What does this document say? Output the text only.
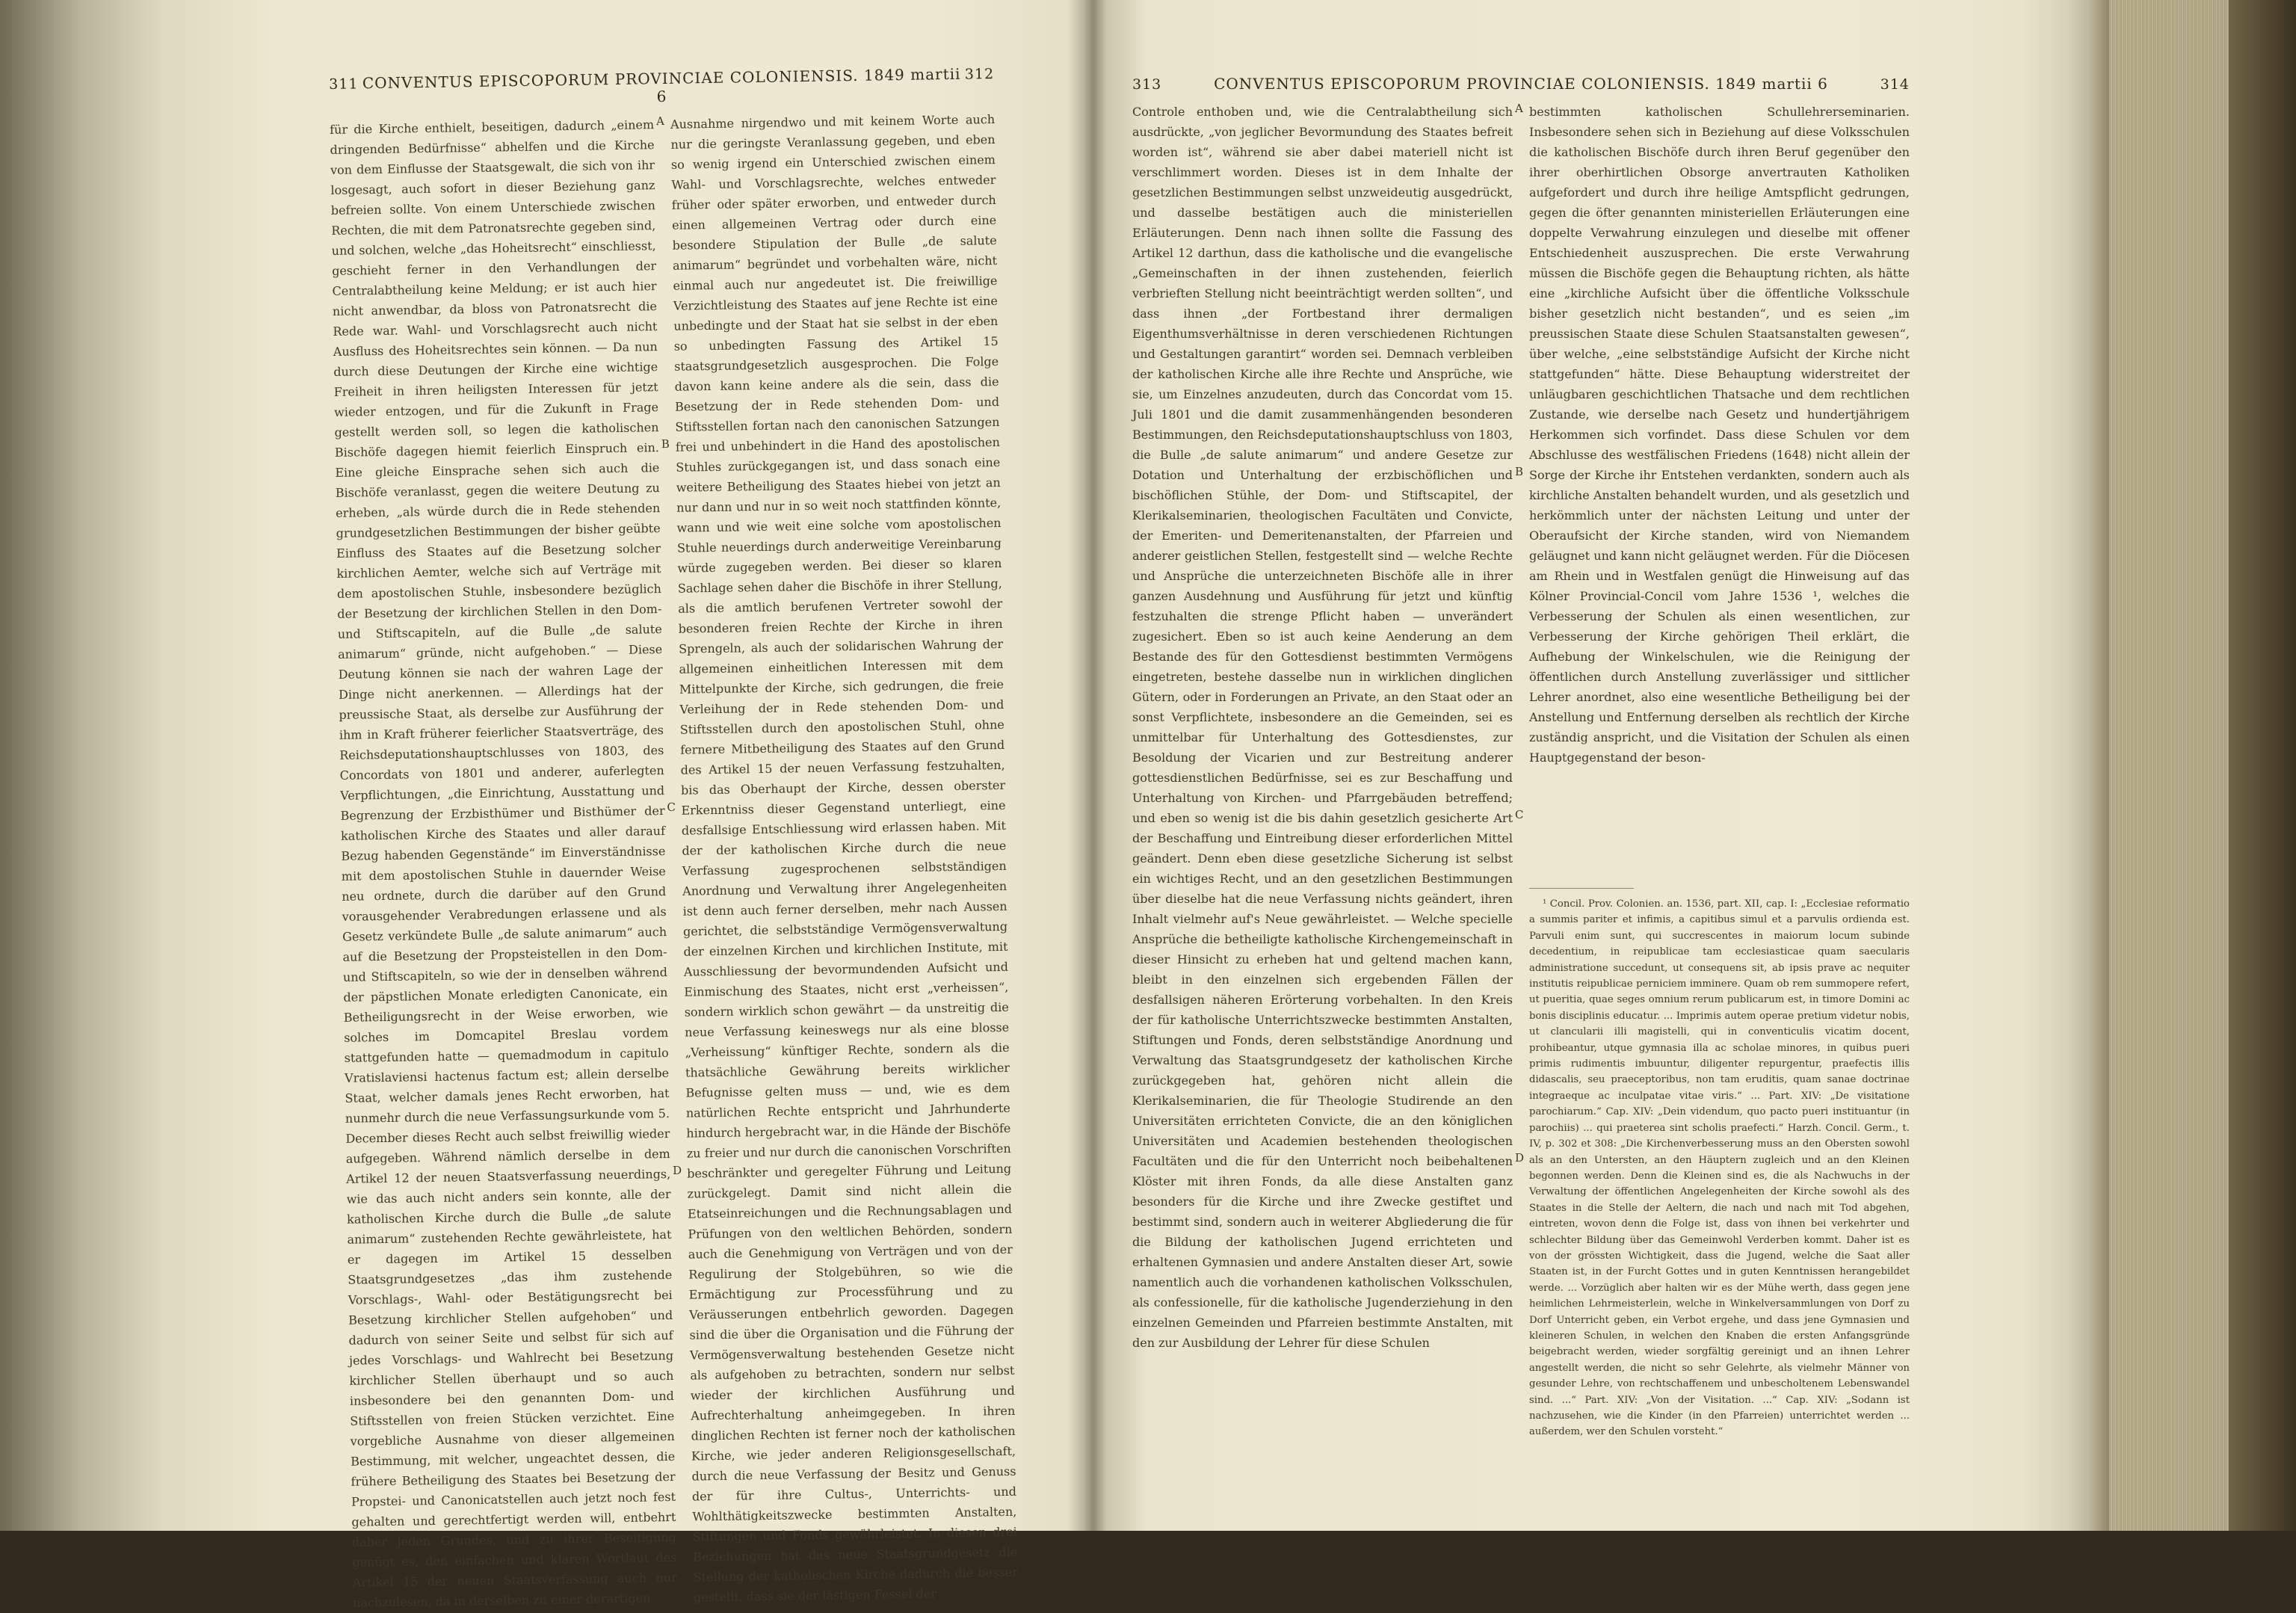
311 CONVENTUS EPISCOPORUM PROVINCIAE COLONIENSIS. 1849 martii 6
312

für die Kirche enthielt, beseitigen, dadurch „einem dringenden Bedürfnisse“ abhelfen und die Kirche von dem Einflusse der Staatsgewalt, die sich von ihr losgesagt, auch sofort in dieser Beziehung ganz befreien sollte. Von einem Unterschiede zwischen Rechten, die mit dem Patronatsrechte gegeben sind, und solchen, welche „das Hoheitsrecht“ einschliesst, geschieht ferner in den Verhandlungen der Centralabtheilung keine Meldung; er ist auch hier nicht anwendbar, da bloss von Patronatsrecht die Rede war. Wahl- und Vorschlagsrecht auch nicht Ausfluss des Hoheitsrechtes sein können. — Da nun durch diese Deutungen der Kirche eine wichtige Freiheit in ihren heiligsten Interessen für jetzt wieder entzogen, und für die Zukunft in Frage gestellt werden soll, so legen die katholischen Bischöfe dagegen hiemit feierlich Einspruch ein. Eine gleiche Einsprache sehen sich auch die Bischöfe veranlasst, gegen die weitere Deutung zu erheben, „als würde durch die in Rede stehenden grundgesetzlichen Bestimmungen der bisher geübte Einfluss des Staates auf die Besetzung solcher kirchlichen Aemter, welche sich auf Verträge mit dem apostolischen Stuhle, insbesondere bezüglich der Besetzung der kirchlichen Stellen in den Dom- und Stiftscapiteln, auf die Bulle „de salute animarum“ gründe, nicht aufgehoben.“ — Diese Deutung können sie nach der wahren Lage der Dinge nicht anerkennen. — Allerdings hat der preussische Staat, als derselbe zur Ausführung der ihm in Kraft früherer feierlicher Staatsverträge, des Reichsdeputationshauptschlusses von 1803, des Concordats von 1801 und anderer, auferlegten Verpflichtungen, „die Einrichtung, Ausstattung und Begrenzung der Erzbisthümer und Bisthümer der katholischen Kirche des Staates und aller darauf Bezug habenden Gegenstände“ im Einverständnisse mit dem apostolischen Stuhle in dauernder Weise neu ordnete, durch die darüber auf den Grund vorausgehender Verabredungen erlassene und als Gesetz verkündete Bulle „de salute animarum“ auch auf die Besetzung der Propsteistellen in den Dom- und Stiftscapiteln, so wie der in denselben während der päpstlichen Monate erledigten Canonicate, ein Betheiligungsrecht in der Weise erworben, wie solches im Domcapitel Breslau vordem stattgefunden hatte — quemadmodum in capitulo Vratislaviensi hactenus factum est; allein derselbe Staat, welcher damals jenes Recht erworben, hat nunmehr durch die neue Verfassungsurkunde vom 5. December dieses Recht auch selbst freiwillig wieder aufgegeben. Während nämlich derselbe in dem Artikel 12 der neuen Staatsverfassung neuerdings, wie das auch nicht anders sein konnte, alle der katholischen Kirche durch die Bulle „de salute animarum“ zustehenden Rechte gewährleistete, hat er dagegen im Artikel 15 desselben Staatsgrundgesetzes „das ihm zustehende Vorschlags-, Wahl- oder Bestätigungsrecht bei Besetzung kirchlicher Stellen aufgehoben“ und dadurch von seiner Seite und selbst für sich auf jedes Vorschlags- und Wahlrecht bei Besetzung kirchlicher Stellen überhaupt und so auch insbesondere bei den genannten Dom- und Stiftsstellen von freien Stücken verzichtet. Eine vorgebliche Ausnahme von dieser allgemeinen Bestimmung, mit welcher, ungeachtet dessen, die frühere Betheiligung des Staates bei Besetzung der Propstei- und Canonicatstellen auch jetzt noch fest gehalten und gerechtfertigt werden will, entbehrt daher jeden Grundes, und zu ihrer Beseitigung genügt es, den einfachen und klaren Wortlaut des Artikel 15 der neuen Staatsverfassung auch nur nachzulesen, da in derselben zu einer derartigen

A
B
C
D

Ausnahme nirgendwo und mit keinem Worte auch nur die geringste Veranlassung gegeben, und eben so wenig irgend ein Unterschied zwischen einem Wahl- und Vorschlagsrechte, welches entweder früher oder später erworben, und entweder durch einen allgemeinen Vertrag oder durch eine besondere Stipulation der Bulle „de salute animarum“ begründet und vorbehalten wäre, nicht einmal auch nur angedeutet ist. Die freiwillige Verzichtleistung des Staates auf jene Rechte ist eine unbedingte und der Staat hat sie selbst in der eben so unbedingten Fassung des Artikel 15 staatsgrundgesetzlich ausgesprochen. Die Folge davon kann keine andere als die sein, dass die Besetzung der in Rede stehenden Dom- und Stiftsstellen fortan nach den canonischen Satzungen frei und unbehindert in die Hand des apostolischen Stuhles zurückgegangen ist, und dass sonach eine weitere Betheiligung des Staates hiebei von jetzt an nur dann und nur in so weit noch stattfinden könnte, wann und wie weit eine solche vom apostolischen Stuhle neuerdings durch anderweitige Vereinbarung würde zugegeben werden. Bei dieser so klaren Sachlage sehen daher die Bischöfe in ihrer Stellung, als die amtlich berufenen Vertreter sowohl der besonderen freien Rechte der Kirche in ihren Sprengeln, als auch der solidarischen Wahrung der allgemeinen einheitlichen Interessen mit dem Mittelpunkte der Kirche, sich gedrungen, die freie Verleihung der in Rede stehenden Dom- und Stiftsstellen durch den apostolischen Stuhl, ohne fernere Mitbetheiligung des Staates auf den Grund des Artikel 15 der neuen Verfassung festzuhalten, bis das Oberhaupt der Kirche, dessen oberster Erkenntniss dieser Gegenstand unterliegt, eine desfallsige Entschliessung wird erlassen haben. Mit der der katholischen Kirche durch die neue Verfassung zugesprochenen selbstständigen Anordnung und Verwaltung ihrer Angelegenheiten ist denn auch ferner derselben, mehr nach Aussen gerichtet, die selbstständige Vermögensverwaltung der einzelnen Kirchen und kirchlichen Institute, mit Ausschliessung der bevormundenden Aufsicht und Einmischung des Staates, nicht erst „verheissen“, sondern wirklich schon gewährt — da unstreitig die neue Verfassung keineswegs nur als eine blosse „Verheissung“ künftiger Rechte, sondern als die thatsächliche Gewährung bereits wirklicher Befugnisse gelten muss — und, wie es dem natürlichen Rechte entspricht und Jahrhunderte hindurch hergebracht war, in die Hände der Bischöfe zu freier und nur durch die canonischen Vorschriften beschränkter und geregelter Führung und Leitung zurückgelegt. Damit sind nicht allein die Etatseinreichungen und die Rechnungsablagen und Prüfungen von den weltlichen Behörden, sondern auch die Genehmigung von Verträgen und von der Regulirung der Stolgebühren, so wie die Ermächtigung zur Processführung und zu Veräusserungen entbehrlich geworden. Dagegen sind die über die Organisation und die Führung der Vermögensverwaltung bestehenden Gesetze nicht als aufgehoben zu betrachten, sondern nur selbst wieder der kirchlichen Ausführung und Aufrechterhaltung anheimgegeben. In ihren dinglichen Rechten ist ferner noch der katholischen Kirche, wie jeder anderen Religionsgesellschaft, durch die neue Verfassung der Besitz und Genuss der für ihre Cultus-, Unterrichts- und Wohlthätigkeitszwecke bestimmten Anstalten, Stiftungen und Fonds gewährleistet. In diesen drei Beziehungen hat das neue Staatsgrundgesetz die Stellung der katholischen Kirche dadurch die besser gestellt, dass sie der lästigen Fessel der

313	CONVENTUS EPISCOPORUM PROVINCIAE COLONIENSIS. 1849 martii 6	314

Controle enthoben und, wie die Centralabtheilung sich ausdrückte, „von jeglicher Bevormundung des Staates befreit worden ist“, während sie aber dabei materiell nicht ist verschlimmert worden. Dieses ist in dem Inhalte der gesetzlichen Bestimmungen selbst unzweideutig ausgedrückt, und dasselbe bestätigen auch die ministeriellen Erläuterungen. Denn nach ihnen sollte die Fassung des Artikel 12 darthun, dass die katholische und die evangelische „Gemeinschaften in der ihnen zustehenden, feierlich verbrieften Stellung nicht beeinträchtigt werden sollten“, und dass ihnen „der Fortbestand ihrer dermaligen Eigenthumsverhältnisse in deren verschiedenen Richtungen und Gestaltungen garantirt“ worden sei. Demnach verbleiben der katholischen Kirche alle ihre Rechte und Ansprüche, wie sie, um Einzelnes anzudeuten, durch das Concordat vom 15. Juli 1801 und die damit zusammenhängenden besonderen Bestimmungen, den Reichsdeputationshauptschluss von 1803, die Bulle „de salute animarum“ und andere Gesetze zur Dotation und Unterhaltung der erzbischöflichen und bischöflichen Stühle, der Dom- und Stiftscapitel, der Klerikalseminarien, theologischen Facultäten und Convicte, der Emeriten- und Demeritenanstalten, der Pfarreien und anderer geistlichen Stellen, festgestellt sind — welche Rechte und Ansprüche die unterzeichneten Bischöfe alle in ihrer ganzen Ausdehnung und Ausführung für jetzt und künftig festzuhalten die strenge Pflicht haben — unverändert zugesichert. Eben so ist auch keine Aenderung an dem Bestande des für den Gottesdienst bestimmten Vermögens eingetreten, bestehe dasselbe nun in wirklichen dinglichen Gütern, oder in Forderungen an Private, an den Staat oder an sonst Verpflichtete, insbesondere an die Gemeinden, sei es unmittelbar für Unterhaltung des Gottesdienstes, zur Besoldung der Vicarien und zur Bestreitung anderer gottesdienstlichen Bedürfnisse, sei es zur Beschaffung und Unterhaltung von Kirchen- und Pfarrgebäuden betreffend; und eben so wenig ist die bis dahin gesetzlich gesicherte Art der Beschaffung und Eintreibung dieser erforderlichen Mittel geändert. Denn eben diese gesetzliche Sicherung ist selbst ein wichtiges Recht, und an den gesetzlichen Bestimmungen über dieselbe hat die neue Verfassung nichts geändert, ihren Inhalt vielmehr auf's Neue gewährleistet. — Welche specielle Ansprüche die betheiligte katholische Kirchengemeinschaft in dieser Hinsicht zu erheben hat und geltend machen kann, bleibt in den einzelnen sich ergebenden Fällen der desfallsigen näheren Erörterung vorbehalten. In den Kreis der für katholische Unterrichtszwecke bestimmten Anstalten, Stiftungen und Fonds, deren selbstständige Anordnung und Verwaltung das Staatsgrundgesetz der katholischen Kirche zurückgegeben hat, gehören nicht allein die Klerikalseminarien, die für Theologie Studirende an den Universitäten errichteten Convicte, die an den königlichen Universitäten und Academien bestehenden theologischen Facultäten und die für den Unterricht noch beibehaltenen Klöster mit ihren Fonds, da alle diese Anstalten ganz besonders für die Kirche und ihre Zwecke gestiftet und bestimmt sind, sondern auch in weiterer Abgliederung die für die Bildung der katholischen Jugend errichteten und erhaltenen Gymnasien und andere Anstalten dieser Art, sowie namentlich auch die vorhandenen katholischen Volksschulen, als confessionelle, für die katholische Jugenderziehung in den einzelnen Gemeinden und Pfarreien bestimmte Anstalten, mit den zur Ausbildung der Lehrer für diese Schulen

A
B
C
D

bestimmten katholischen Schullehrerseminarien. Insbesondere sehen sich in Beziehung auf diese Volksschulen die katholischen Bischöfe durch ihren Beruf gegenüber den ihrer oberhirtlichen Obsorge anvertrauten Katholiken aufgefordert und durch ihre heilige Amtspflicht gedrungen, gegen die öfter genannten ministeriellen Erläuterungen eine doppelte Verwahrung einzulegen und dieselbe mit offener Entschiedenheit auszusprechen. Die erste Verwahrung müssen die Bischöfe gegen die Behauptung richten, als hätte eine „kirchliche Aufsicht über die öffentliche Volksschule bisher gesetzlich nicht bestanden“, und es seien „im preussischen Staate diese Schulen Staatsanstalten gewesen“, über welche, „eine selbstständige Aufsicht der Kirche nicht stattgefunden“ hätte. Diese Behauptung widerstreitet der unläugbaren geschichtlichen Thatsache und dem rechtlichen Zustande, wie derselbe nach Gesetz und hundertjährigem Herkommen sich vorfindet. Dass diese Schulen vor dem Abschlusse des westfälischen Friedens (1648) nicht allein der Sorge der Kirche ihr Entstehen verdankten, sondern auch als kirchliche Anstalten behandelt wurden, und als gesetzlich und herkömmlich unter der nächsten Leitung und unter der Oberaufsicht der Kirche standen, wird von Niemandem geläugnet und kann nicht geläugnet werden. Für die Diöcesen am Rhein und in Westfalen genügt die Hinweisung auf das Kölner Provincial-Concil vom Jahre 1536 ¹, welches die Verbesserung der Schulen als einen wesentlichen, zur Verbesserung der Kirche gehörigen Theil erklärt, die Aufhebung der Winkelschulen, wie die Reinigung der öffentlichen durch Anstellung zuverlässiger und sittlicher Lehrer anordnet, also eine wesentliche Betheiligung bei der Anstellung und Entfernung derselben als rechtlich der Kirche zuständig anspricht, und die Visitation der Schulen als einen Hauptgegenstand der beson-

¹ Concil. Prov. Colonien. an. 1536, part. XII, cap. I: „Ecclesiae reformatio a summis pariter et infimis, a capitibus simul et a parvulis ordienda est. Parvuli enim sunt, qui succrescentes in maiorum locum subinde decedentium, in reipublicae tam ecclesiasticae quam saecularis administratione succedunt, ut consequens sit, ab ipsis prave ac nequiter institutis reipublicae perniciem imminere. Quam ob rem summopere refert, ut pueritia, quae seges omnium rerum publicarum est, in timore Domini ac bonis disciplinis educatur. ... Imprimis autem operae pretium videtur nobis, ut clancularii illi magistelli, qui in conventiculis vicatim docent, prohibeantur, utque gymnasia illa ac scholae minores, in quibus pueri primis rudimentis imbuuntur, diligenter repurgentur, praefectis illis didascalis, seu praeceptoribus, non tam eruditis, quam sanae doctrinae integraeque ac inculpatae vitae viris.“ ... Part. XIV: „De visitatione parochiarum.“ Cap. XIV: „Dein videndum, quo pacto pueri instituantur (in parochiis) ... qui praeterea sint scholis praefecti.“ Harzh. Concil. Germ., t. IV, p. 302 et 308: „Die Kirchenverbesserung muss an den Obersten sowohl als an den Untersten, an den Häuptern zugleich und an den Kleinen begonnen werden. Denn die Kleinen sind es, die als Nachwuchs in der Verwaltung der öffentlichen Angelegenheiten der Kirche sowohl als des Staates in die Stelle der Aeltern, die nach und nach mit Tod abgehen, eintreten, wovon denn die Folge ist, dass von ihnen bei verkehrter und schlechter Bildung über das Gemeinwohl Verderben kommt. Daher ist es von der grössten Wichtigkeit, dass die Jugend, welche die Saat aller Staaten ist, in der Furcht Gottes und in guten Kenntnissen herangebildet werde. ... Vorzüglich aber halten wir es der Mühe werth, dass gegen jene heimlichen Lehrmeisterlein, welche in Winkelversammlungen von Dorf zu Dorf Unterricht geben, ein Verbot ergehe, und dass jene Gymnasien und kleineren Schulen, in welchen den Knaben die ersten Anfangsgründe beigebracht werden, wieder sorgfältig gereinigt und an ihnen Lehrer angestellt werden, die nicht so sehr Gelehrte, als vielmehr Männer von gesunder Lehre, von rechtschaffenem und unbescholtenem Lebenswandel sind. ...“ Part. XIV: „Von der Visitation. ...“ Cap. XIV: „Sodann ist nachzusehen, wie die Kinder (in den Pfarreien) unterrichtet werden ... außerdem, wer den Schulen vorsteht.“
